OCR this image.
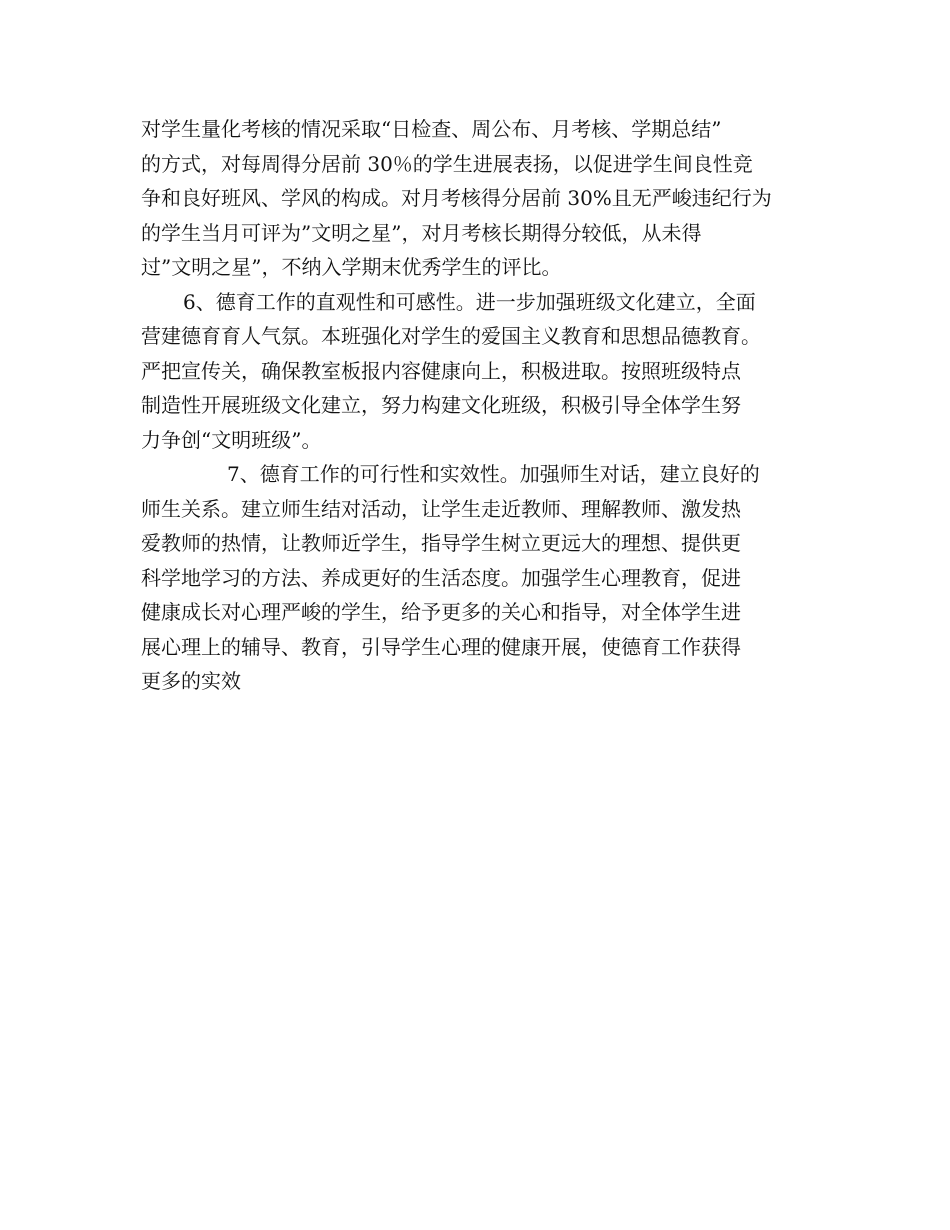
对学生量化考核的情况采取“日检查、周公布、月考核、学期总结”
的方式，对每周得分居前 30％的学生进展表扬，以促进学生间良性竞
争和良好班风、学风的构成。对月考核得分居前 30%且无严峻违纪行为
的学生当月可评为”文明之星”，对月考核长期得分较低，从未得
过”文明之星”，不纳入学期末优秀学生的评比。
6、德育工作的直观性和可感性。进一步加强班级文化建立，全面
营建德育育人气氛。本班强化对学生的爱国主义教育和思想品德教育。
严把宣传关，确保教室板报内容健康向上，积极进取。按照班级特点
制造性开展班级文化建立，努力构建文化班级，积极引导全体学生努
力争创“文明班级”。
7、德育工作的可行性和实效性。加强师生对话，建立良好的
师生关系。建立师生结对活动，让学生走近教师、理解教师、激发热
爱教师的热情，让教师近学生，指导学生树立更远大的理想、提供更
科学地学习的方法、养成更好的生活态度。加强学生心理教育，促进
健康成长对心理严峻的学生，给予更多的关心和指导，对全体学生进
展心理上的辅导、教育，引导学生心理的健康开展，使德育工作获得
更多的实效
